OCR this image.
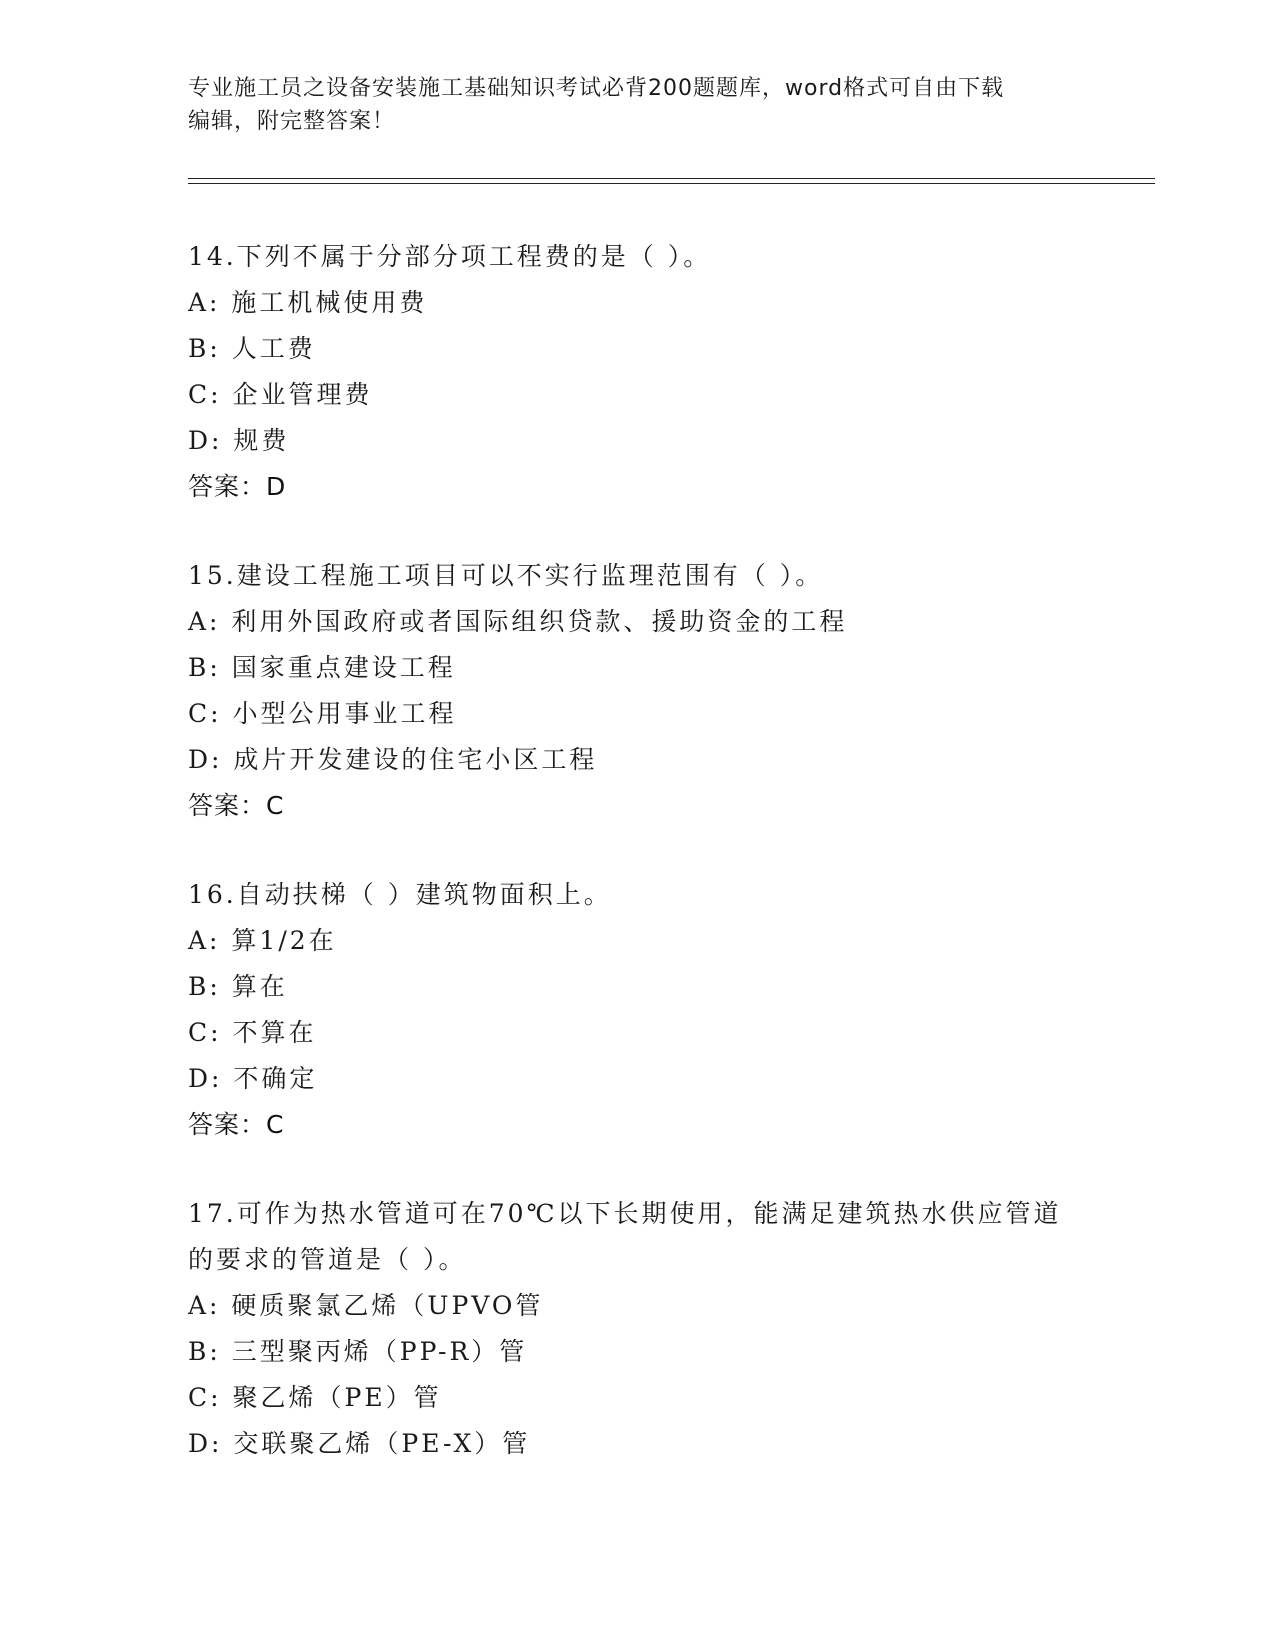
专业施工员之设备安装施工基础知识考试必背200题题库，word格式可自由下载
编辑，附完整答案！
14.下列不属于分部分项工程费的是（ ）。
A: 施工机械使用费
B: 人工费
C: 企业管理费
D: 规费
答案：D
15.建设工程施工项目可以不实行监理范围有（ ）。
A: 利用外国政府或者国际组织贷款、援助资金的工程
B: 国家重点建设工程
C: 小型公用事业工程
D: 成片开发建设的住宅小区工程
答案：C
16.自动扶梯（ ）建筑物面积上。
A: 算1/2在
B: 算在
C: 不算在
D: 不确定
答案：C
17.可作为热水管道可在70℃以下长期使用，能满足建筑热水供应管道
的要求的管道是（ ）。
A: 硬质聚氯乙烯（UPVO管
B: 三型聚丙烯（PP-R）管
C: 聚乙烯（PE）管
D: 交联聚乙烯（PE-X）管
